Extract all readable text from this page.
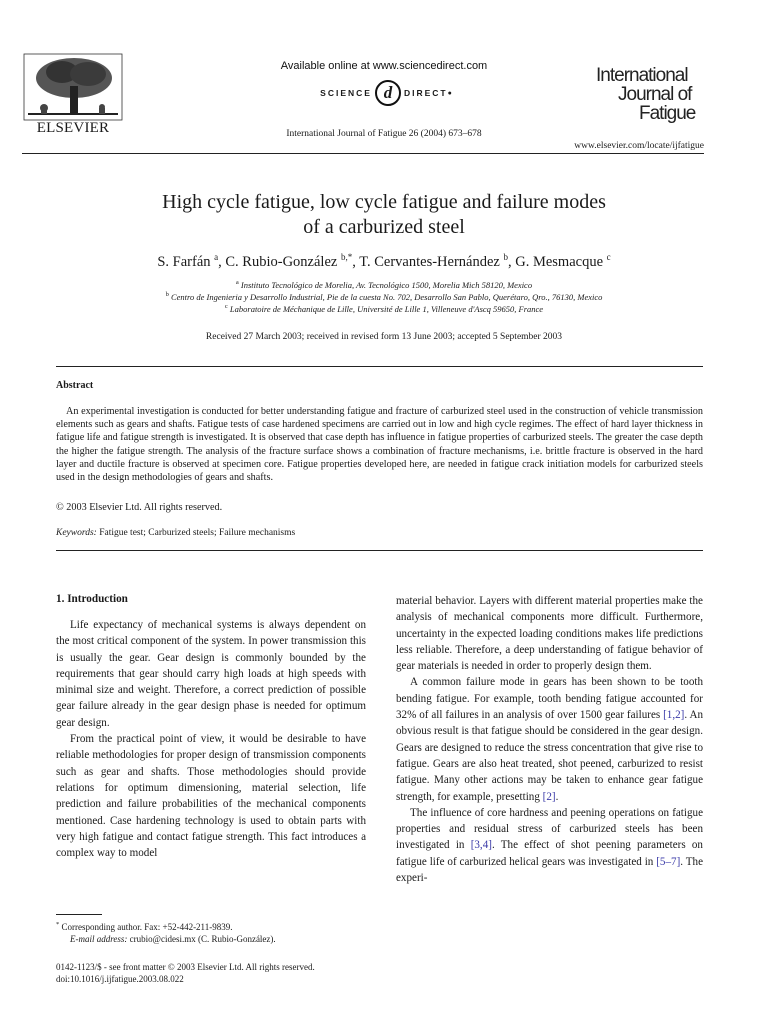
ELSEVIER
Available online at www.sciencedirect.com
SCIENCE d	DIRECT ●
International Journal of Fatigue 26 (2004) 673–678
International
Journal of
Fatigue
www.elsevier.com/locate/ijfatigue
High cycle fatigue, low cycle fatigue and failure modes
of a carburized steel
S. Farfán $^a$, C. Rubio-González $^{b,*}$, T. Cervantes-Hernández $^b$, G. Mesmacque $^c$
$^a$ Instituto Tecnológico de Morelia, Av. Tecnológico 1500, Morelia Mich 58120, Mexico
$^b$ Centro de Ingenieria y Desarrollo Industrial, Pie de la cuesta No. 702, Desarrollo San Pablo, Querétaro, Qro., 76130, Mexico
$^c$ Laboratoire de Méchanique de Lille, Université de Lille 1, Villeneuve d'Ascq 59650, France
Received 27 March 2003; received in revised form 13 June 2003; accepted 5 September 2003
Abstract
An experimental investigation is conducted for better understanding fatigue and fracture of carburized steel used in the construction of vehicle transmission elements such as gears and shafts. Fatigue tests of case hardened specimens are carried out in low and high cycle regimes. The effect of hard layer thickness in fatigue life and fatigue strength is investigated. It is observed that case depth has influence in fatigue properties of carburized steels. The greater the case depth the higher the fatigue strength. The analysis of the fracture surface shows a combination of fracture mechanisms, i.e. brittle fracture is observed in the hard layer and ductile fracture is observed at specimen core. Fatigue properties developed here, are needed in fatigue crack initiation models for carburized steels used in the design methodologies of gears and shafts.
© 2003 Elsevier Ltd. All rights reserved.
Keywords: Fatigue test; Carburized steels; Failure mechanisms
1. Introduction

Life expectancy of mechanical systems is always dependent on the most critical component of the system. In power transmission this is usually the gear. Gear design is commonly bounded by the requirements that gear should carry high loads at high speeds with minimal size and weight. Therefore, a correct prediction of possible gear failure already in the gear design phase is needed for optimum gear design.

From the practical point of view, it would be desirable to have reliable methodologies for proper design of transmission components such as gear and shafts. Those methodologies should provide relations for optimum dimensioning, material selection, life prediction and failure probabilities of the mechanical components mentioned. Case hardening technology is used to obtain parts with very high fatigue and contact fatigue strength. This fact introduces a complex way to model

material behavior. Layers with different material properties make the analysis of mechanical components more difficult. Furthermore, uncertainty in the expected loading conditions makes life predictions less reliable. Therefore, a deep understanding of fatigue behavior of gear materials is needed in order to properly design them.

A common failure mode in gears has been shown to be tooth bending fatigue. For example, tooth bending fatigue accounted for 32% of all failures in an analysis of over 1500 gear failures [1,2]. An obvious result is that fatigue should be considered in the gear design. Gears are designed to reduce the stress concentration that give rise to fatigue. Gears are also heat treated, shot peened, carburized to resist fatigue. Many other actions may be taken to enhance gear fatigue strength, for example, presetting [2].

The influence of core hardness and peening operations on fatigue properties and residual stress of carburized steels has been investigated in [3,4]. The effect of shot peening parameters on fatigue life of carburized helical gears was investigated in [5–7]. The experi-

* Corresponding author. Fax: +52-442-211-9839.
E-mail address: crubio@cidesi.mx (C. Rubio-González).
0142-1123/$ - see front matter © 2003 Elsevier Ltd. All rights reserved.
doi:10.1016/j.ijfatigue.2003.08.022
